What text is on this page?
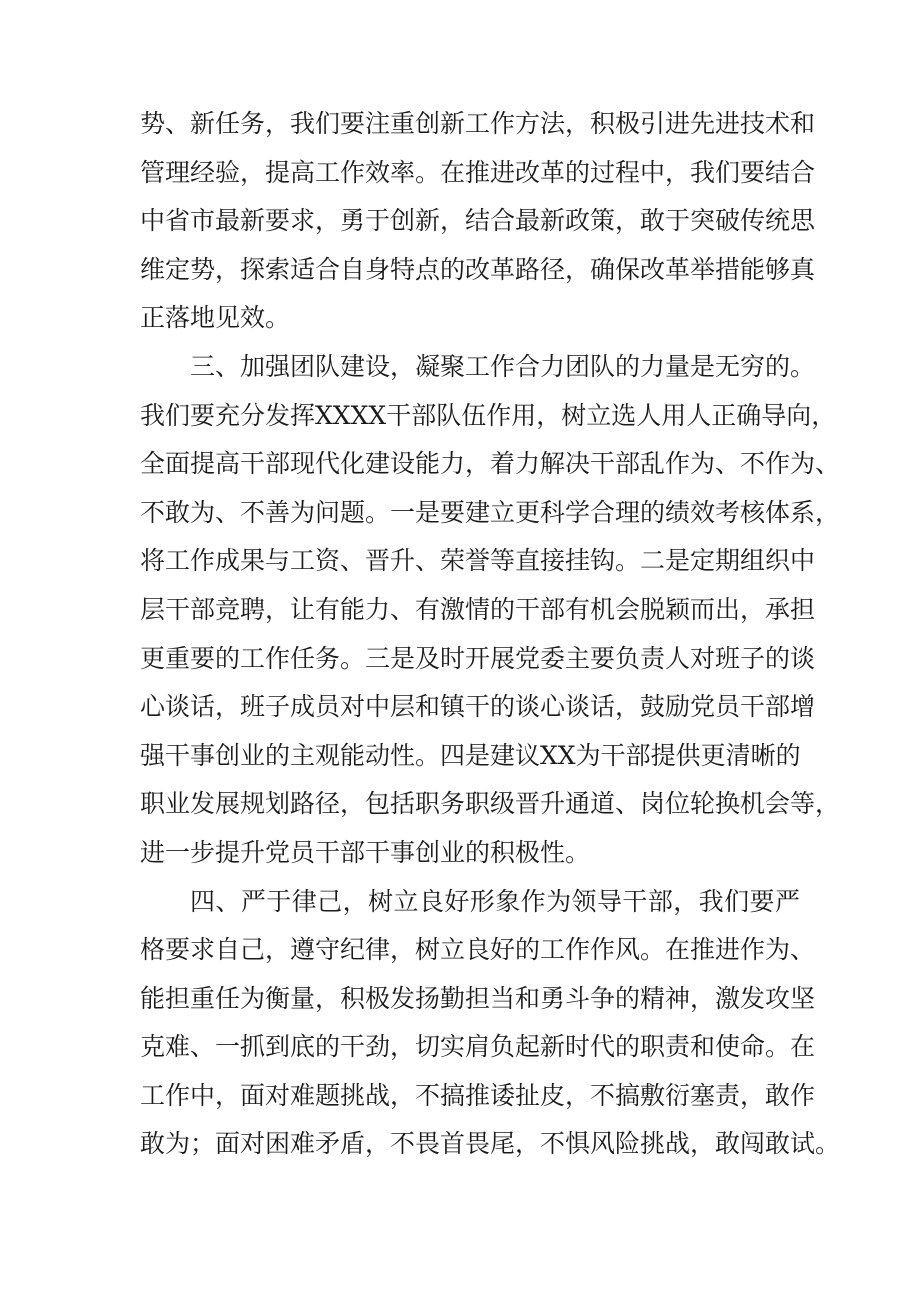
势、新任务，我们要注重创新工作方法，积极引进先进技术和
管理经验，提高工作效率。在推进改革的过程中，我们要结合
中省市最新要求，勇于创新，结合最新政策，敢于突破传统思
维定势，探索适合自身特点的改革路径，确保改革举措能够真
正落地见效。
三、加强团队建设，凝聚工作合力团队的力量是无穷的。
我们要充分发挥XXXX干部队伍作用，树立选人用人正确导向，
全面提高干部现代化建设能力，着力解决干部乱作为、不作为、
不敢为、不善为问题。一是要建立更科学合理的绩效考核体系，
将工作成果与工资、晋升、荣誉等直接挂钩。二是定期组织中
层干部竞聘，让有能力、有激情的干部有机会脱颖而出，承担
更重要的工作任务。三是及时开展党委主要负责人对班子的谈
心谈话，班子成员对中层和镇干的谈心谈话，鼓励党员干部增
强干事创业的主观能动性。四是建议XX为干部提供更清晰的
职业发展规划路径，包括职务职级晋升通道、岗位轮换机会等，
进一步提升党员干部干事创业的积极性。
四、严于律己，树立良好形象作为领导干部，我们要严
格要求自己，遵守纪律，树立良好的工作作风。在推进作为、
能担重任为衡量，积极发扬勤担当和勇斗争的精神，激发攻坚
克难、一抓到底的干劲，切实肩负起新时代的职责和使命。在
工作中，面对难题挑战，不搞推诿扯皮，不搞敷衍塞责，敢作
敢为；面对困难矛盾，不畏首畏尾，不惧风险挑战，敢闯敢试。
